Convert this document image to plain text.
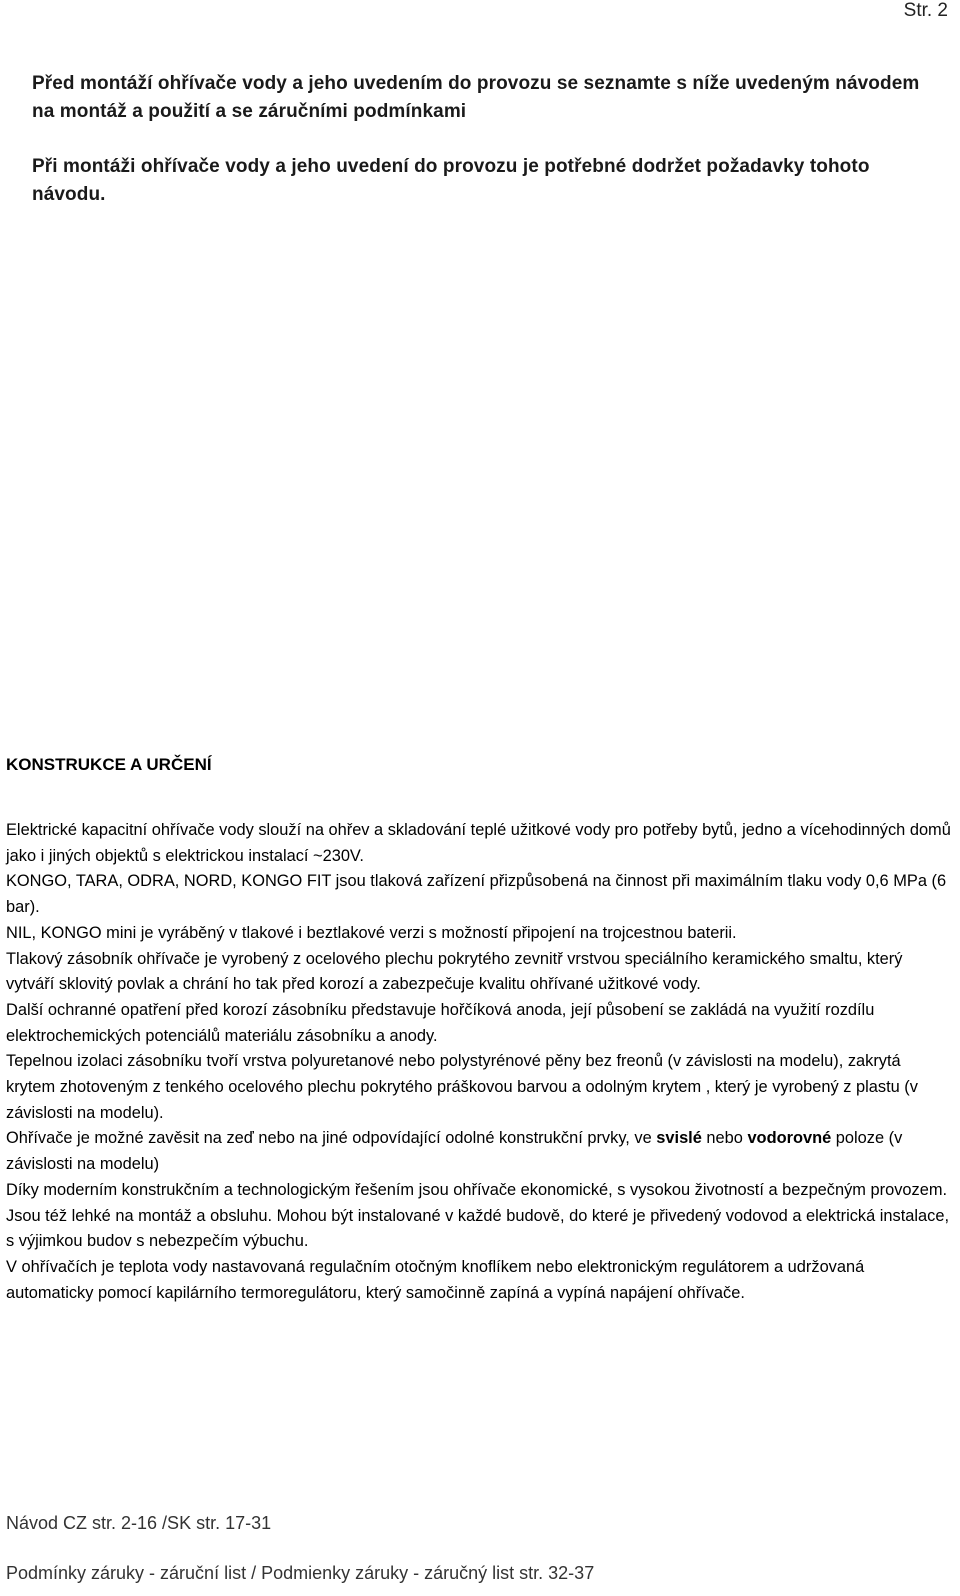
Str. 2
Před montáží ohřívače vody a jeho uvedením do provozu se seznamte s níže uvedeným návodem na montáž a použití a se záručními podmínkami
Při montáži ohřívače vody a jeho uvedení do provozu je potřebné dodržet požadavky tohoto návodu.
KONSTRUKCE A URČENÍ

Elektrické kapacitní ohřívače vody slouží na ohřev a skladování teplé užitkové vody pro potřeby bytů, jedno a vícehodinných domů jako i jiných objektů s elektrickou instalací ~230V.

KONGO, TARA, ODRA, NORD, KONGO FIT jsou tlaková zařízení přizpůsobená na činnost při maximálním tlaku vody 0,6 MPa (6 bar).

NIL, KONGO mini je vyráběný v tlakové i beztlakové verzi s možností připojení na trojcestnou baterii.

Tlakový zásobník ohřívače je vyrobený z ocelového plechu pokrytého zevnitř vrstvou speciálního keramického smaltu, který vytváří sklovitý povlak a chrání ho tak před korozí a zabezpečuje kvalitu ohřívané užitkové vody.

Další ochranné opatření před korozí zásobníku představuje hořčíková anoda, její působení se zakládá na využití rozdílu elektrochemických potenciálů materiálu zásobníku a anody.

Tepelnou izolaci zásobníku tvoří vrstva polyuretanové nebo polystyrénové pěny bez freonů (v závislosti na modelu), zakrytá krytem zhotoveným z tenkého ocelového plechu pokrytého práškovou barvou a odolným krytem , který je vyrobený z plastu (v závislosti na modelu).

Ohřívače je možné zavěsit na zeď nebo na jiné odpovídající odolné konstrukční prvky, ve svislé nebo vodorovné poloze (v závislosti na modelu)

Díky moderním konstrukčním a technologickým řešením jsou ohřívače ekonomické, s vysokou životností a bezpečným provozem. Jsou též lehké na montáž a obsluhu. Mohou být instalované v každé budově, do které je přivedený vodovod a elektrická instalace, s výjimkou budov s nebezpečím výbuchu.

V ohřívačích je teplota vody nastavovaná regulačním otočným knoflíkem nebo elektronickým regulátorem a udržovaná automaticky pomocí kapilárního termoregulátoru, který samočinně zapíná a vypíná napájení ohřívače.

Návod CZ str. 2-16 /SK str. 17-31
Podmínky záruky - záruční list / Podmienky záruky - záručný list str. 32-37
